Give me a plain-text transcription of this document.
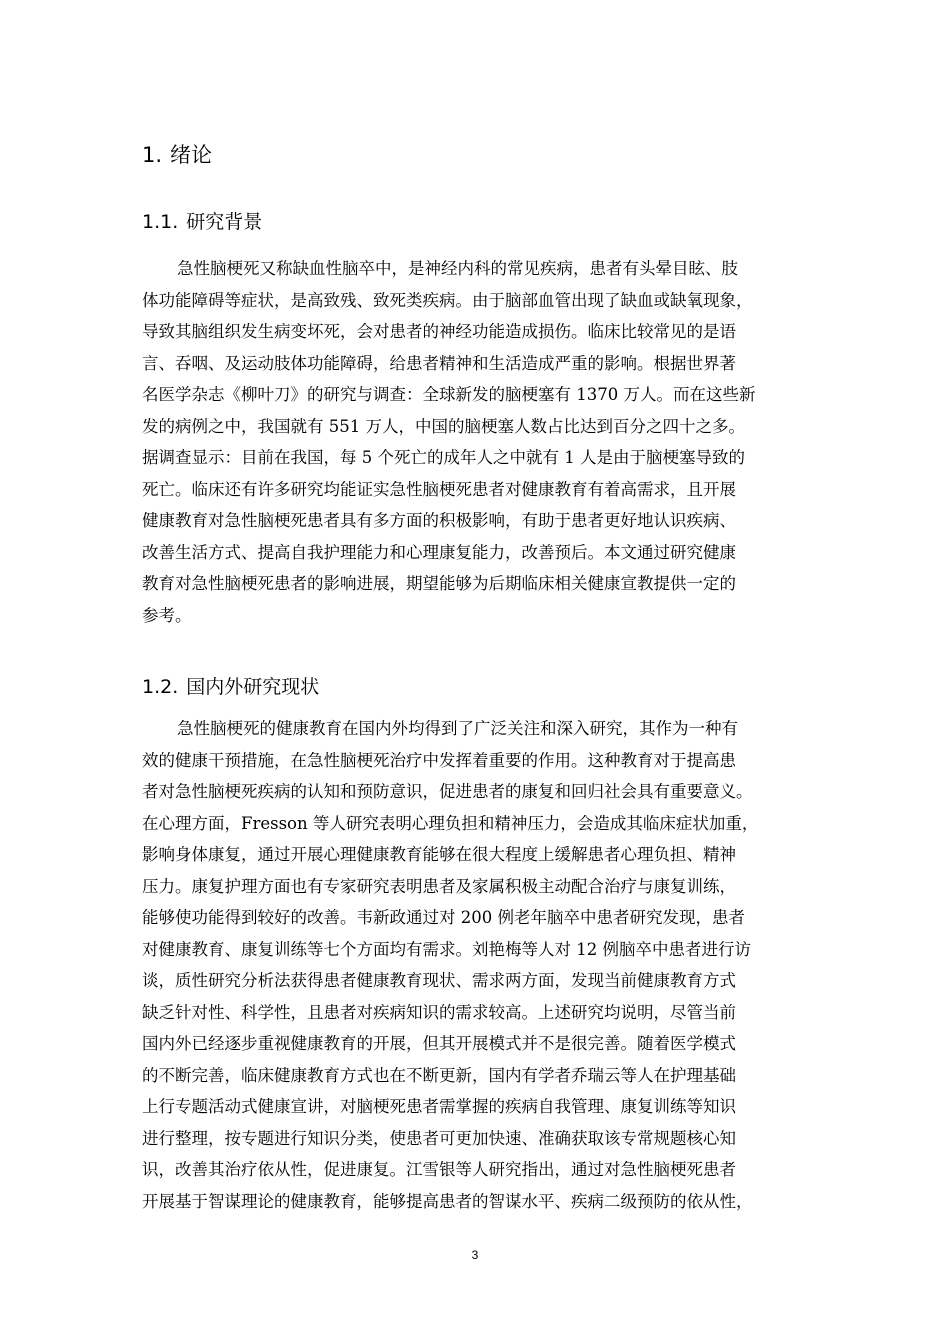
1. 绪论
1.1. 研究背景

急性脑梗死又称缺血性脑卒中，是神经内科的常见疾病，患者有头晕目眩、肢
体功能障碍等症状，是高致残、致死类疾病。由于脑部血管出现了缺血或缺氧现象，
导致其脑组织发生病变坏死，会对患者的神经功能造成损伤。临床比较常见的是语
言、吞咽、及运动肢体功能障碍，给患者精神和生活造成严重的影响。根据世界著
名医学杂志《柳叶刀》的研究与调查：全球新发的脑梗塞有 1370 万人。而在这些新
发的病例之中，我国就有 551 万人，中国的脑梗塞人数占比达到百分之四十之多。
据调查显示：目前在我国，每 5 个死亡的成年人之中就有 1 人是由于脑梗塞导致的
死亡。临床还有许多研究均能证实急性脑梗死患者对健康教育有着高需求，且开展
健康教育对急性脑梗死患者具有多方面的积极影响，有助于患者更好地认识疾病、
改善生活方式、提高自我护理能力和心理康复能力，改善预后。本文通过研究健康
教育对急性脑梗死患者的影响进展，期望能够为后期临床相关健康宣教提供一定的
参考。

1.2. 国内外研究现状

急性脑梗死的健康教育在国内外均得到了广泛关注和深入研究，其作为一种有
效的健康干预措施，在急性脑梗死治疗中发挥着重要的作用。这种教育对于提高患
者对急性脑梗死疾病的认知和预防意识，促进患者的康复和回归社会具有重要意义。
在心理方面，Fresson 等人研究表明心理负担和精神压力，会造成其临床症状加重，
影响身体康复，通过开展心理健康教育能够在很大程度上缓解患者心理负担、精神
压力。康复护理方面也有专家研究表明患者及家属积极主动配合治疗与康复训练，
能够使功能得到较好的改善。韦新政通过对 200 例老年脑卒中患者研究发现，患者
对健康教育、康复训练等七个方面均有需求。刘艳梅等人对 12 例脑卒中患者进行访
谈，质性研究分析法获得患者健康教育现状、需求两方面，发现当前健康教育方式
缺乏针对性、科学性，且患者对疾病知识的需求较高。上述研究均说明，尽管当前
国内外已经逐步重视健康教育的开展，但其开展模式并不是很完善。随着医学模式
的不断完善，临床健康教育方式也在不断更新，国内有学者乔瑞云等人在护理基础
上行专题活动式健康宣讲，对脑梗死患者需掌握的疾病自我管理、康复训练等知识
进行整理，按专题进行知识分类，使患者可更加快速、准确获取该专常规题核心知
识，改善其治疗依从性，促进康复。江雪银等人研究指出，通过对急性脑梗死患者
开展基于智谋理论的健康教育，能够提高患者的智谋水平、疾病二级预防的依从性，

3
